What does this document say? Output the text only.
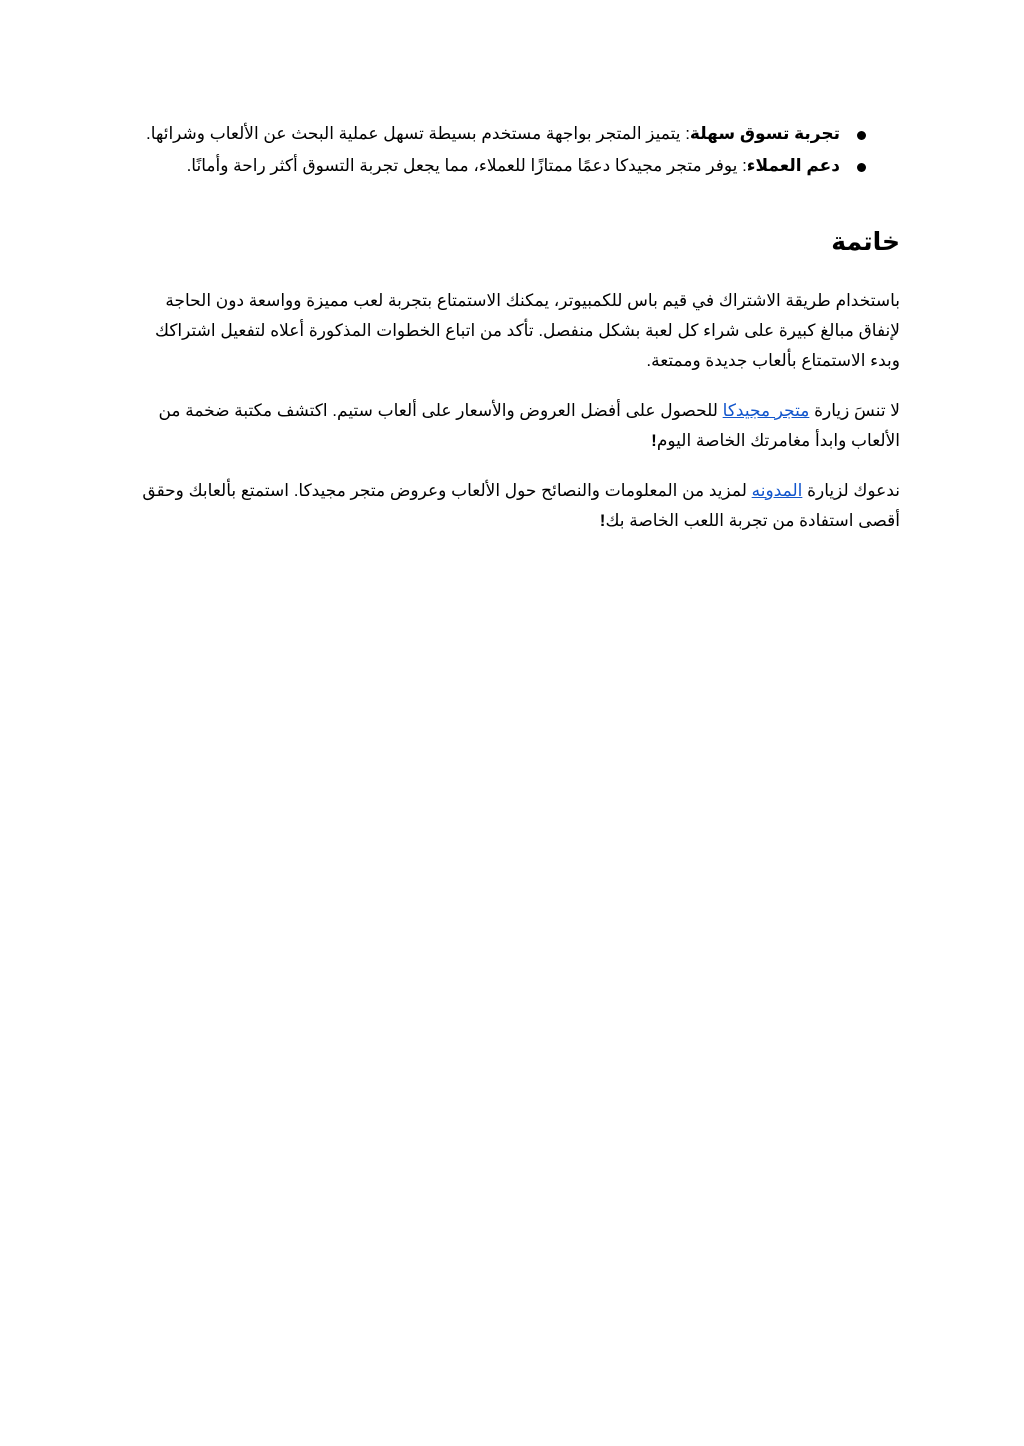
تجربة تسوق سهلة: يتميز المتجر بواجهة مستخدم بسيطة تسهل عملية البحث عن الألعاب وشرائها.
دعم العملاء: يوفر متجر مجيدكا دعمًا ممتازًا للعملاء، مما يجعل تجربة التسوق أكثر راحة وأمانًا.
خاتمة

باستخدام طريقة الاشتراك في قيم باس للكمبيوتر، يمكنك الاستمتاع بتجربة لعب مميزة وواسعة دون الحاجة لإنفاق مبالغ كبيرة على شراء كل لعبة بشكل منفصل. تأكد من اتباع الخطوات المذكورة أعلاه لتفعيل اشتراكك وبدء الاستمتاع بألعاب جديدة وممتعة.

لا تنسَ زيارة متجر مجيدكا للحصول على أفضل العروض والأسعار على ألعاب ستيم. اكتشف مكتبة ضخمة من الألعاب وابدأ مغامرتك الخاصة اليوم!

ندعوك لزيارة المدونه لمزيد من المعلومات والنصائح حول الألعاب وعروض متجر مجيدكا. استمتع بألعابك وحقق أقصى استفادة من تجربة اللعب الخاصة بك!
